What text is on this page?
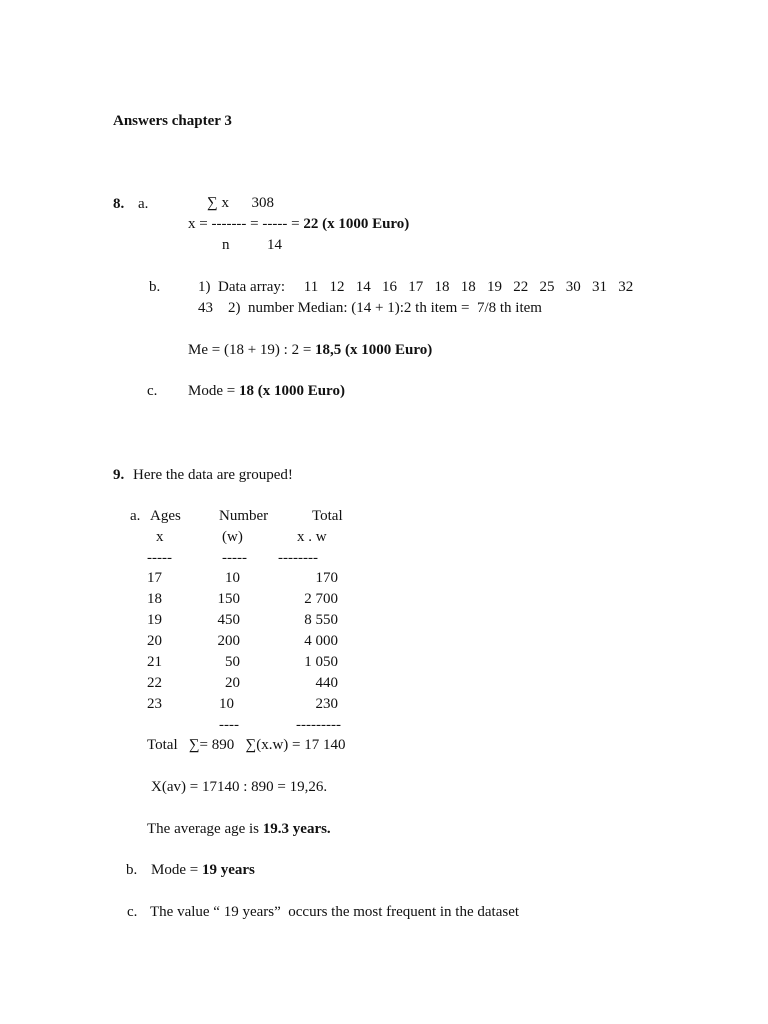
Answers chapter 3
8. a.	∑ x      308
x = ------- = ----- = 22 (x 1000 Euro)
n          14
b.	1)  Data array:     11   12   14   16   17   18   18   19   22   25   30   31   32
43    2)  number Median: (14 + 1):2 th item =  7/8 th item
Me = (18 + 19) : 2 = 18,5 (x 1000 Euro)
c. Mode = 18 (x 1000 Euro)
9. Here the data are grouped!
a. Ages	Number	Total
x	(w)	x . w
-----	----- --------
17	10	170
18	150	2 700
19	450	8 550
20	200	4 000
21	50	1 050
22	20	440
23	10	230
----	---------
Total   ∑= 890   ∑(x.w) = 17 140
X(av) = 17140 : 890 = 19,26.
The average age is 19.3 years.
b. Mode = 19 years
c. The value “ 19 years”  occurs the most frequent in the dataset
